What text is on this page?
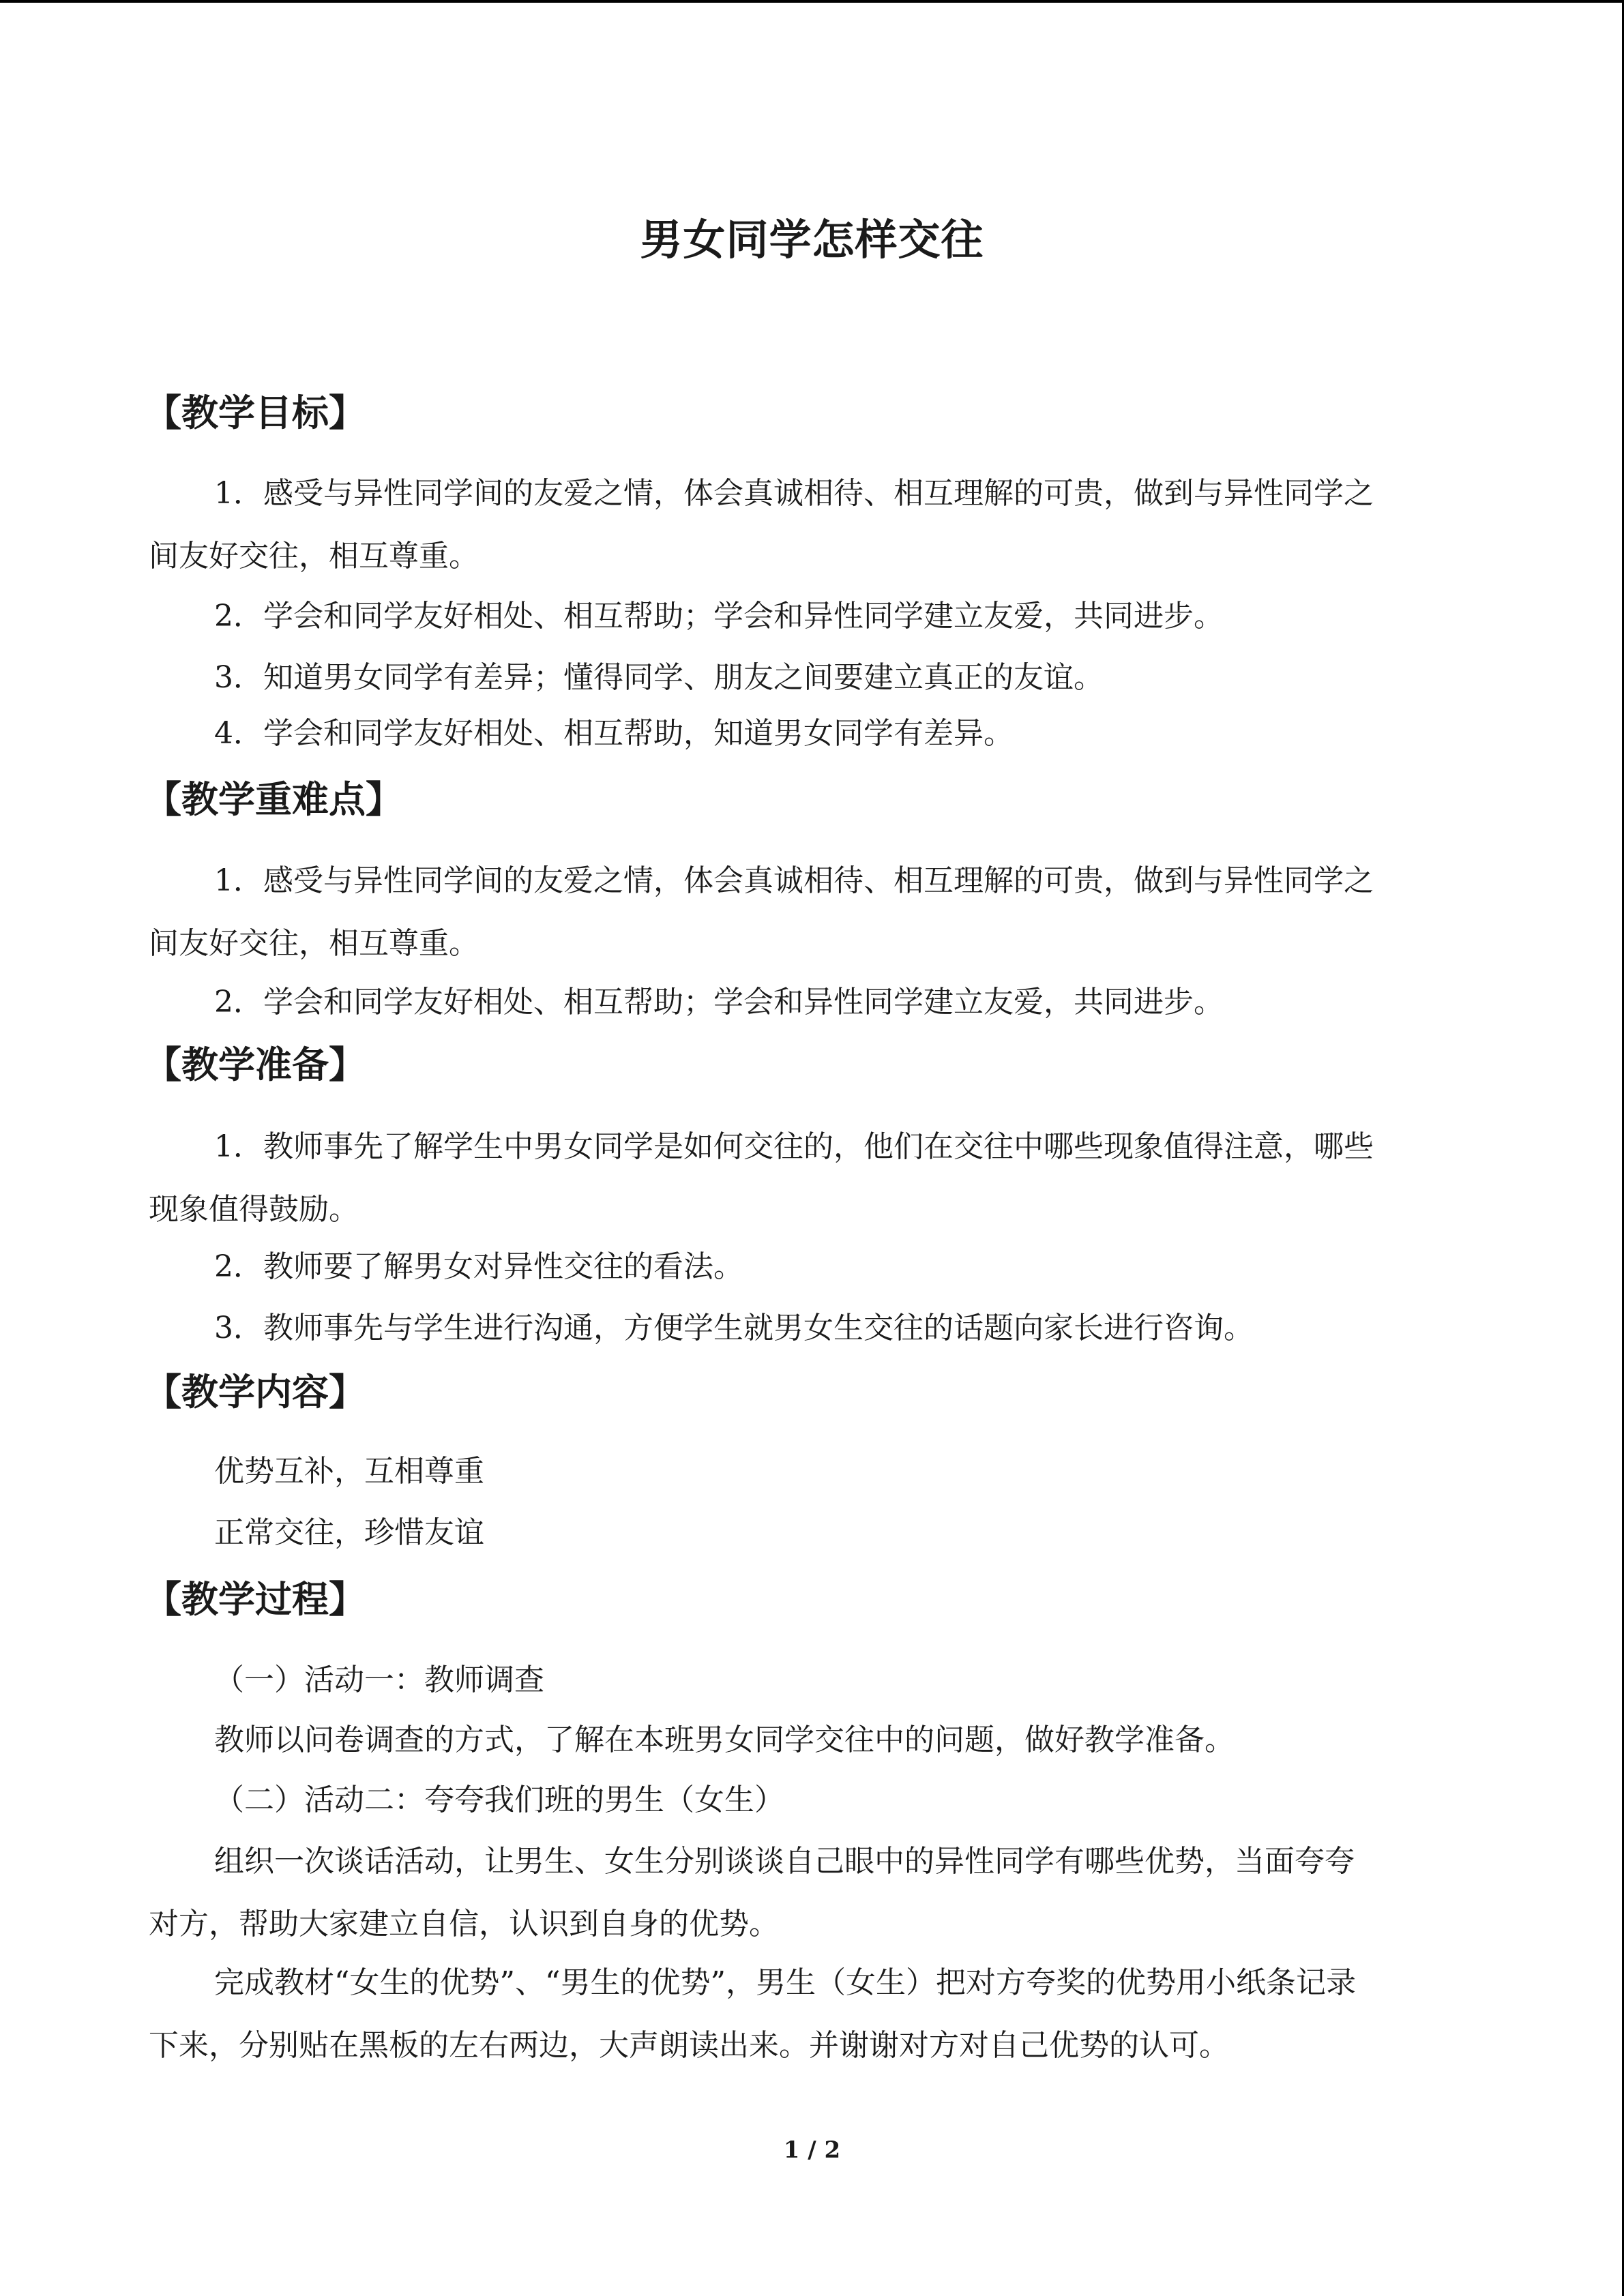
男女同学怎样交往
【教学目标】
1．感受与异性同学间的友爱之情，体会真诚相待、相互理解的可贵，做到与异性同学之
间友好交往，相互尊重。
2．学会和同学友好相处、相互帮助；学会和异性同学建立友爱，共同进步。
3．知道男女同学有差异；懂得同学、朋友之间要建立真正的友谊。
4．学会和同学友好相处、相互帮助，知道男女同学有差异。
【教学重难点】
1．感受与异性同学间的友爱之情，体会真诚相待、相互理解的可贵，做到与异性同学之
间友好交往，相互尊重。
2．学会和同学友好相处、相互帮助；学会和异性同学建立友爱，共同进步。
【教学准备】
1．教师事先了解学生中男女同学是如何交往的，他们在交往中哪些现象值得注意，哪些
现象值得鼓励。
2．教师要了解男女对异性交往的看法。
3．教师事先与学生进行沟通，方便学生就男女生交往的话题向家长进行咨询。
【教学内容】
优势互补，互相尊重
正常交往，珍惜友谊
【教学过程】
（一）活动一：教师调查
教师以问卷调查的方式，了解在本班男女同学交往中的问题，做好教学准备。
（二）活动二：夸夸我们班的男生（女生）
组织一次谈话活动，让男生、女生分别谈谈自己眼中的异性同学有哪些优势，当面夸夸
对方，帮助大家建立自信，认识到自身的优势。
完成教材“女生的优势”、“男生的优势”，男生（女生）把对方夸奖的优势用小纸条记录
下来，分别贴在黑板的左右两边，大声朗读出来。并谢谢对方对自己优势的认可。
1 / 2
